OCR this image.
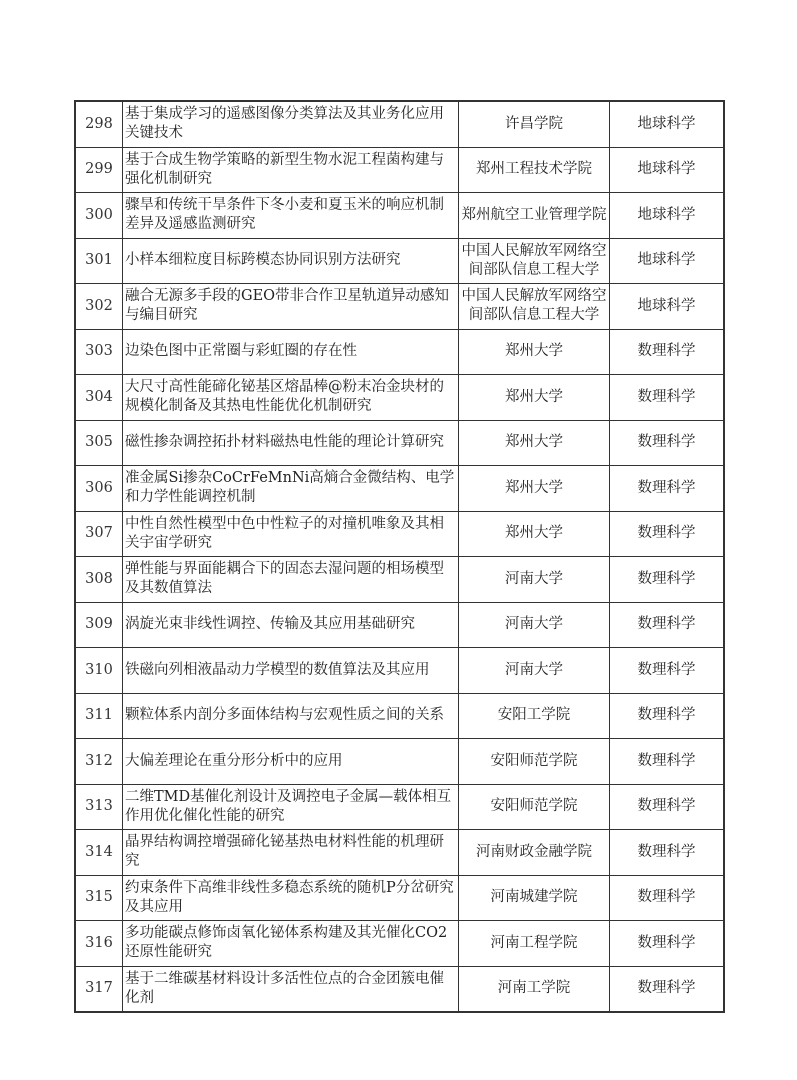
298	基于集成学习的遥感图像分类算法及其业务化应用关键技术	许昌学院	地球科学
299	基于合成生物学策略的新型生物水泥工程菌构建与强化机制研究	郑州工程技术学院	地球科学
300	骤旱和传统干旱条件下冬小麦和夏玉米的响应机制差异及遥感监测研究	郑州航空工业管理学院	地球科学
301	小样本细粒度目标跨模态协同识别方法研究	中国人民解放军网络空间部队信息工程大学	地球科学
302	融合无源多手段的GEO带非合作卫星轨道异动感知与编目研究	中国人民解放军网络空间部队信息工程大学	地球科学
303	边染色图中正常圈与彩虹圈的存在性	郑州大学	数理科学
304	大尺寸高性能碲化铋基区熔晶棒@粉末冶金块材的规模化制备及其热电性能优化机制研究	郑州大学	数理科学
305	磁性掺杂调控拓扑材料磁热电性能的理论计算研究	郑州大学	数理科学
306	准金属Si掺杂CoCrFeMnNi高熵合金微结构、电学和力学性能调控机制	郑州大学	数理科学
307	中性自然性模型中色中性粒子的对撞机唯象及其相关宇宙学研究	郑州大学	数理科学
308	弹性能与界面能耦合下的固态去湿问题的相场模型及其数值算法	河南大学	数理科学
309	涡旋光束非线性调控、传输及其应用基础研究	河南大学	数理科学
310	铁磁向列相液晶动力学模型的数值算法及其应用	河南大学	数理科学
311	颗粒体系内剖分多面体结构与宏观性质之间的关系	安阳工学院	数理科学
312	大偏差理论在重分形分析中的应用	安阳师范学院	数理科学
313	二维TMD基催化剂设计及调控电子金属—载体相互作用优化催化性能的研究	安阳师范学院	数理科学
314	晶界结构调控增强碲化铋基热电材料性能的机理研究	河南财政金融学院	数理科学
315	约束条件下高维非线性多稳态系统的随机P分岔研究及其应用	河南城建学院	数理科学
316	多功能碳点修饰卤氧化铋体系构建及其光催化CO2还原性能研究	河南工程学院	数理科学
317	基于二维碳基材料设计多活性位点的合金团簇电催化剂	河南工学院	数理科学
